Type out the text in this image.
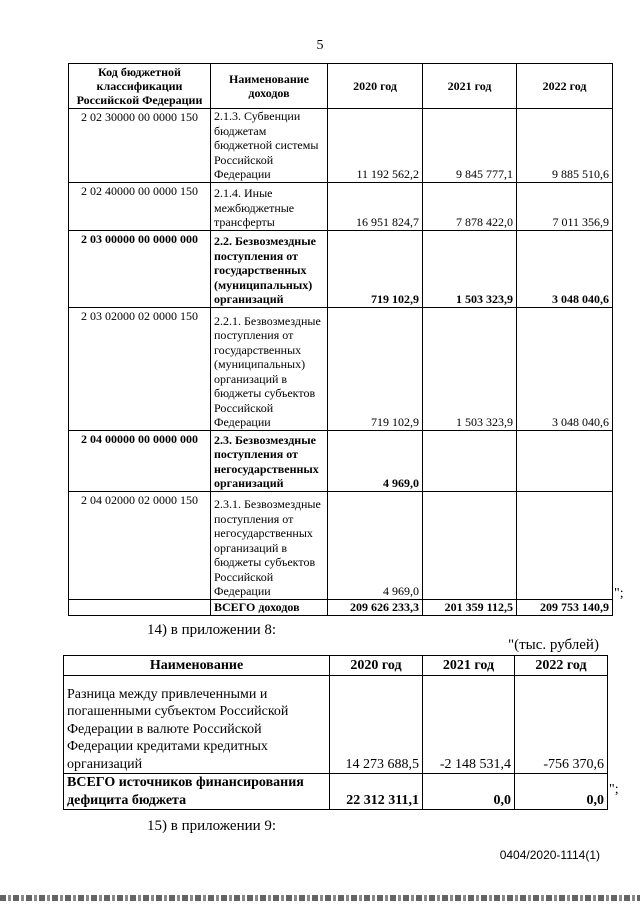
5
Код бюджетной классификации Российской Федерации	Наименование доходов	2020 год	2021 год	2022 год
2 02 30000 00 0000 150	2.1.3. Субвенции бюджетам бюджетной системы Российской Федерации	11 192 562,2	9 845 777,1	9 885 510,6
2 02 40000 00 0000 150	2.1.4. Иные межбюджетные трансферты	16 951 824,7	7 878 422,0	7 011 356,9
2 03 00000 00 0000 000	2.2. Безвозмездные поступления от государственных (муниципальных) организаций	719 102,9	1 503 323,9	3 048 040,6
2 03 02000 02 0000 150	2.2.1. Безвозмездные поступления от государственных (муниципальных) организаций в бюджеты субъектов Российской Федерации	719 102,9	1 503 323,9	3 048 040,6
2 04 00000 00 0000 000	2.3. Безвозмездные поступления от негосударственных организаций	4 969,0		
2 04 02000 02 0000 150	2.3.1. Безвозмездные поступления от негосударственных организаций в бюджеты субъектов Российской Федерации	4 969,0		
	ВСЕГО доходов	209 626 233,3	201 359 112,5	209 753 140,9
";
14) в приложении 8:
"(тыс. рублей)
Наименование	2020 год	2021 год	2022 год
Разница между привлеченными и погашенными субъектом Российской Федерации в валюте Российской Федерации кредитами кредитных организаций	14 273 688,5	-2 148 531,4	-756 370,6
ВСЕГО источников финансирования дефицита бюджета	22 312 311,1	0,0	0,0
";
15) в приложении 9:
0404/2020-1114(1)
